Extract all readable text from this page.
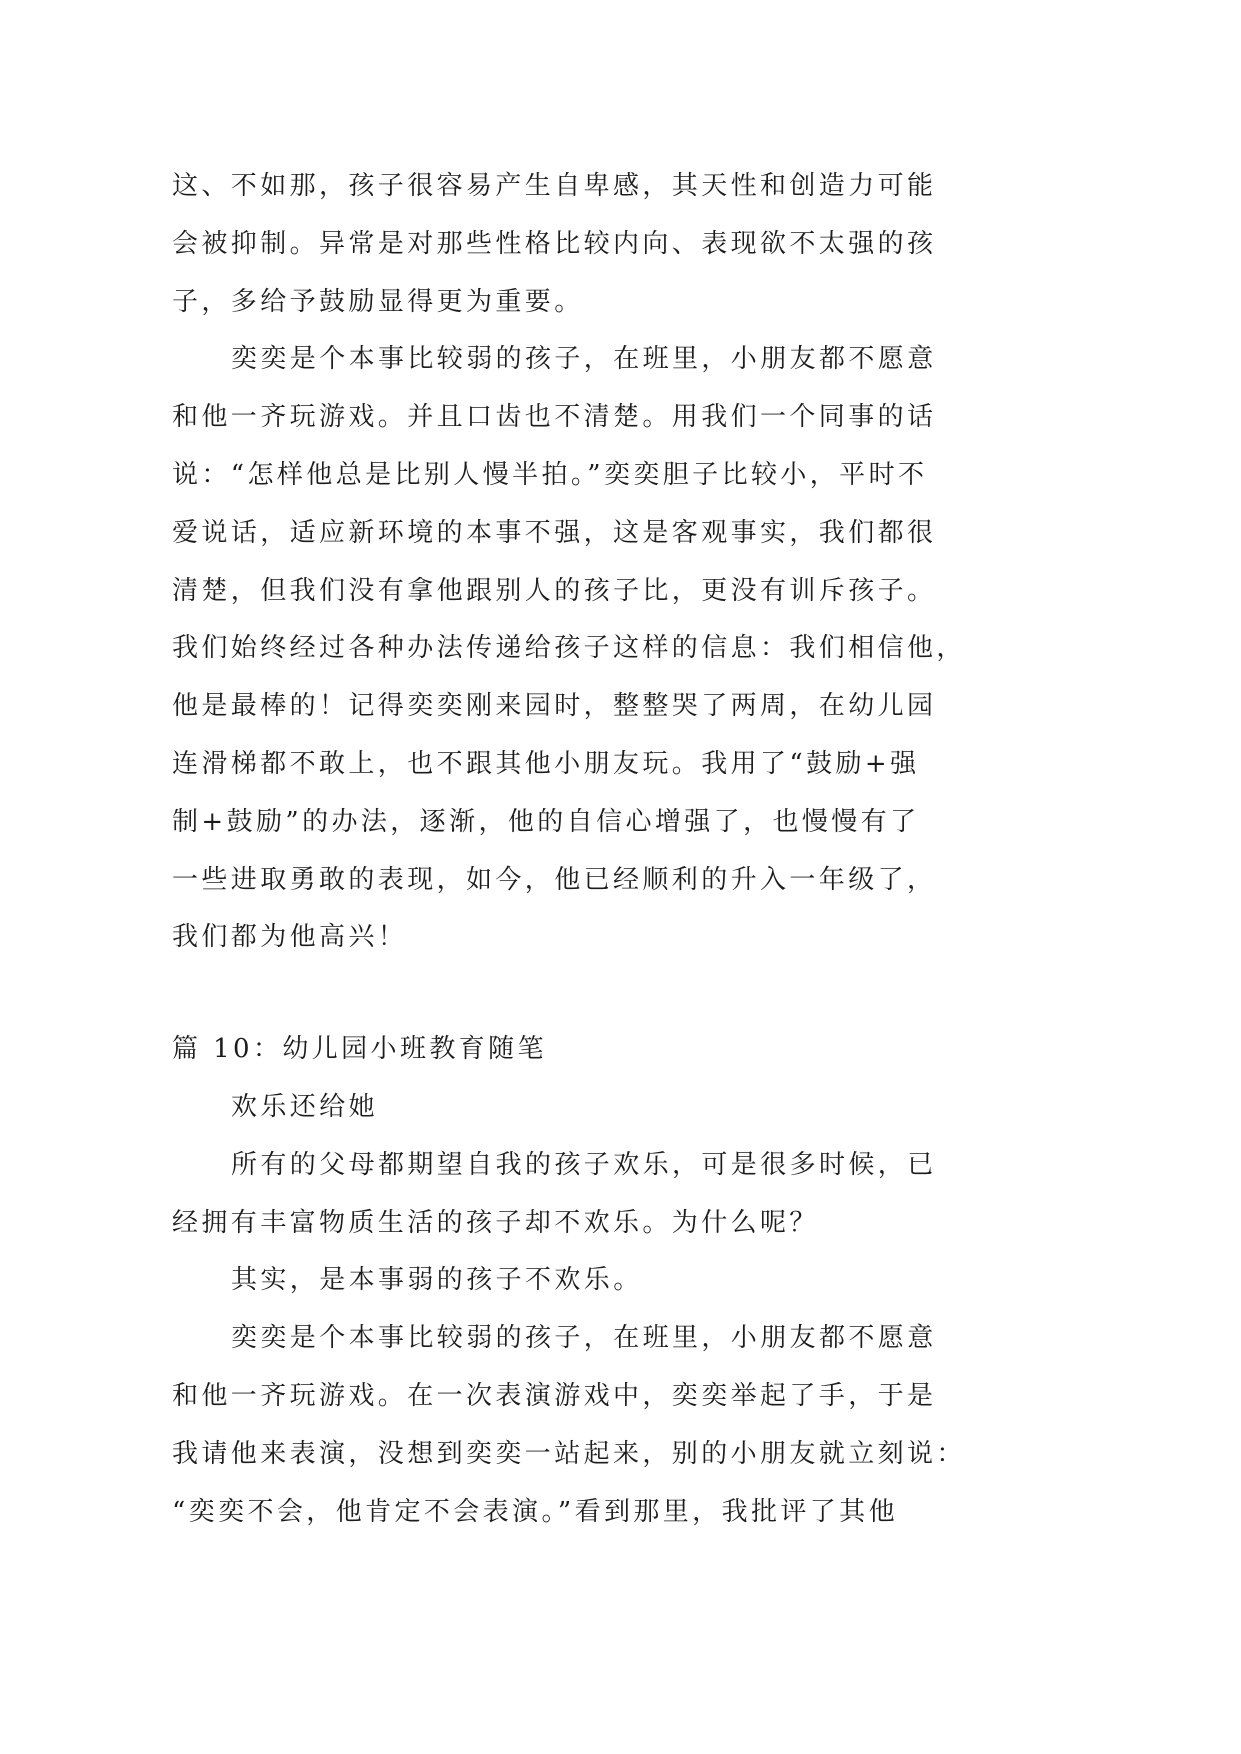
这、不如那，孩子很容易产生自卑感，其天性和创造力可能
会被抑制。异常是对那些性格比较内向、表现欲不太强的孩
子，多给予鼓励显得更为重要。
奕奕是个本事比较弱的孩子，在班里，小朋友都不愿意
和他一齐玩游戏。并且口齿也不清楚。用我们一个同事的话
说：“怎样他总是比别人慢半拍。”奕奕胆子比较小，平时不
爱说话，适应新环境的本事不强，这是客观事实，我们都很
清楚，但我们没有拿他跟别人的孩子比，更没有训斥孩子。
我们始终经过各种办法传递给孩子这样的信息：我们相信他，
他是最棒的！记得奕奕刚来园时，整整哭了两周，在幼儿园
连滑梯都不敢上，也不跟其他小朋友玩。我用了“鼓励+强
制+鼓励”的办法，逐渐，他的自信心增强了，也慢慢有了
一些进取勇敢的表现，如今，他已经顺利的升入一年级了，
我们都为他高兴！
篇 10：幼儿园小班教育随笔
欢乐还给她
所有的父母都期望自我的孩子欢乐，可是很多时候，已
经拥有丰富物质生活的孩子却不欢乐。为什么呢？
其实，是本事弱的孩子不欢乐。
奕奕是个本事比较弱的孩子，在班里，小朋友都不愿意
和他一齐玩游戏。在一次表演游戏中，奕奕举起了手，于是
我请他来表演，没想到奕奕一站起来，别的小朋友就立刻说：
“奕奕不会，他肯定不会表演。”看到那里，我批评了其他
